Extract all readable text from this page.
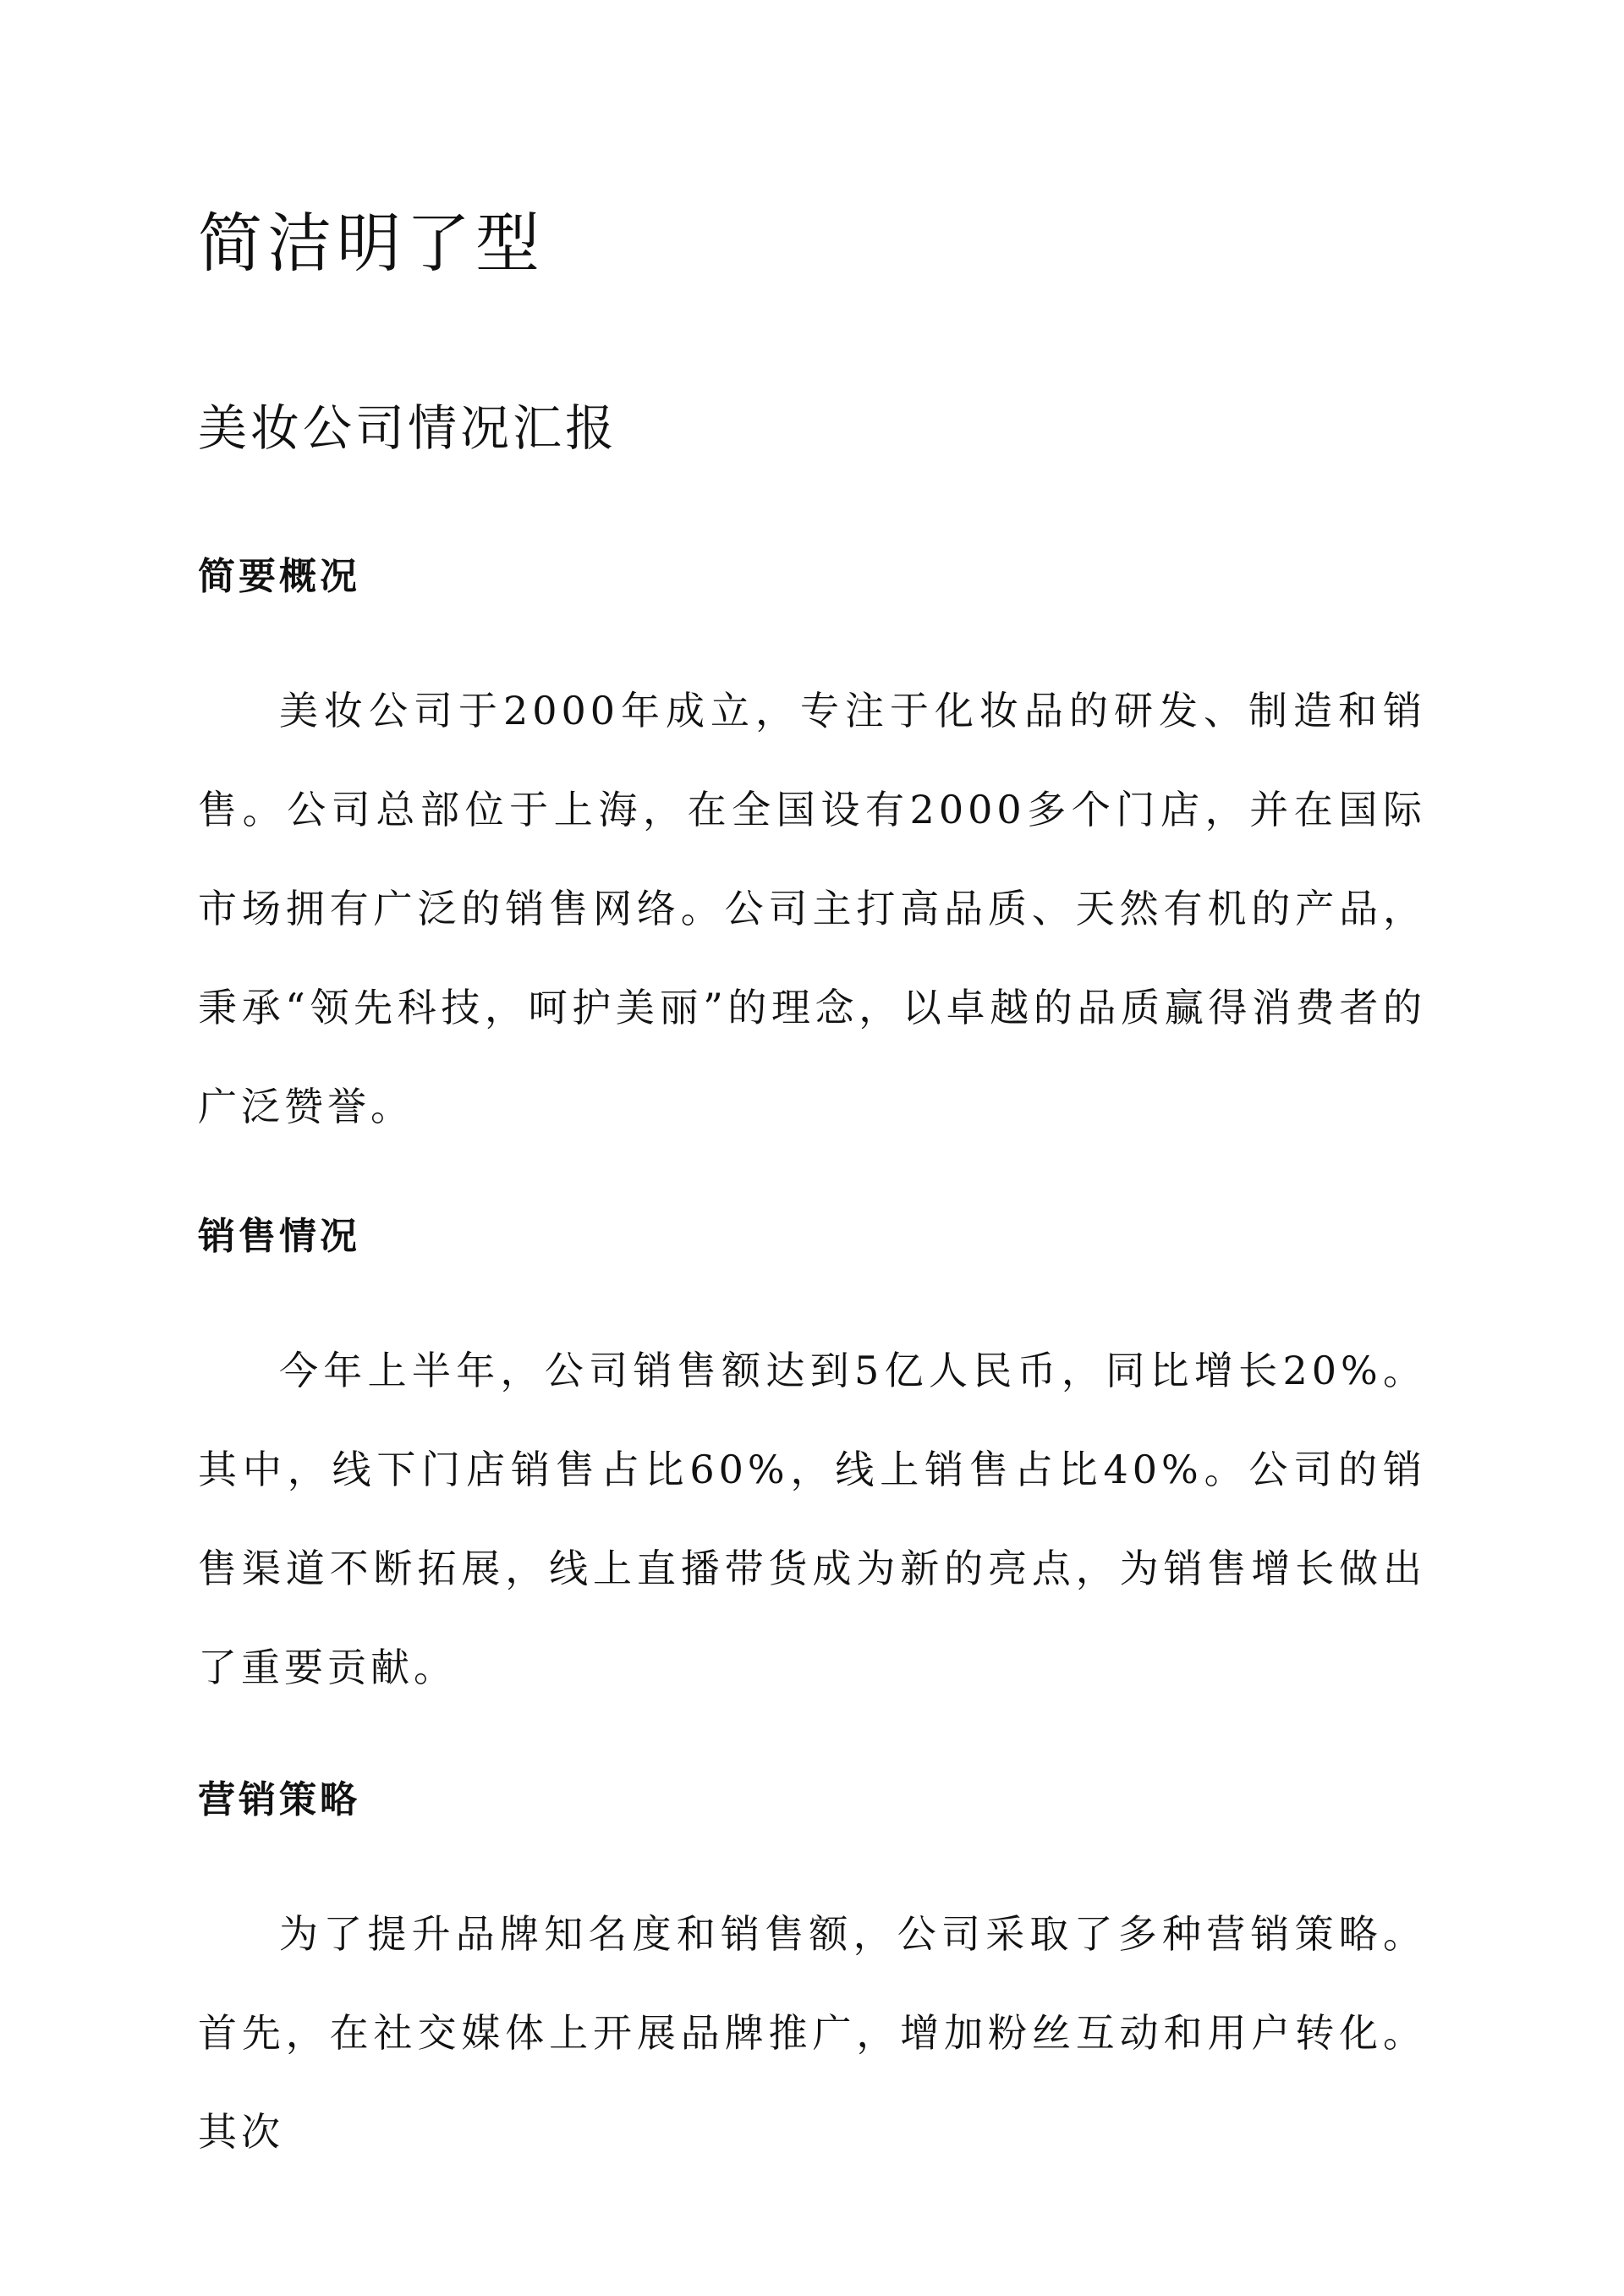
简洁明了型
美妆公司情况汇报
简要概况

美妆公司于2000年成立，专注于化妆品的研发、制造和销售。公司总部位于上海，在全国设有2000多个门店，并在国际市场拥有广泛的销售网络。公司主打高品质、天然有机的产品，秉承“领先科技，呵护美丽”的理念，以卓越的品质赢得消费者的广泛赞誉。

销售情况

今年上半年，公司销售额达到5亿人民币，同比增长20%。其中，线下门店销售占比60%，线上销售占比40%。公司的销售渠道不断拓展，线上直播带货成为新的亮点，为销售增长做出了重要贡献。

营销策略

为了提升品牌知名度和销售额，公司采取了多种营销策略。首先，在社交媒体上开展品牌推广，增加粉丝互动和用户转化。其次
